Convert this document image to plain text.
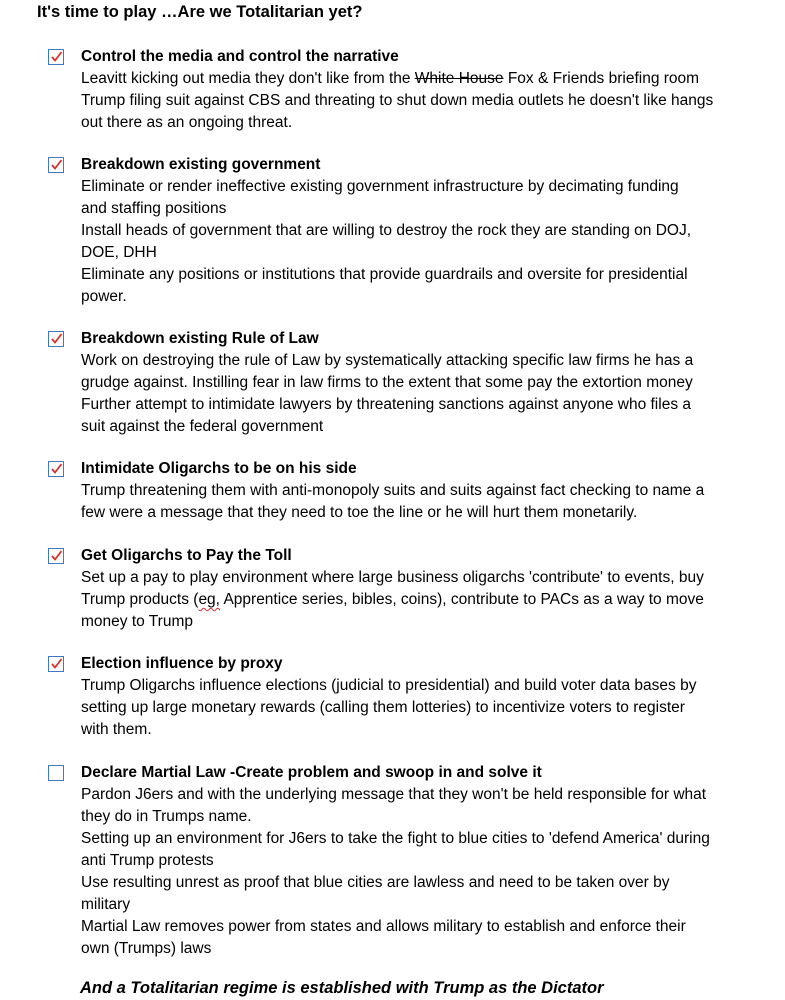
It's time to play …Are we Totalitarian yet?
Control the media and control the narrative
Leavitt kicking out media they don't like from the White House Fox & Friends briefing room
Trump filing suit against CBS and threating to shut down media outlets he doesn't like hangs
out there as an ongoing threat.
Breakdown existing government
Eliminate or render ineffective existing government infrastructure by decimating funding
and staffing positions
Install heads of government that are willing to destroy the rock they are standing on DOJ,
DOE, DHH
Eliminate any positions or institutions that provide guardrails and oversite for presidential
power.
Breakdown existing Rule of Law
Work on destroying the rule of Law by systematically attacking specific law firms he has a
grudge against. Instilling fear in law firms to the extent that some pay the extortion money
Further attempt to intimidate lawyers by threatening sanctions against anyone who files a
suit against the federal government
Intimidate Oligarchs to be on his side
Trump threatening them with anti-monopoly suits and suits against fact checking to name a
few were a message that they need to toe the line or he will hurt them monetarily.
Get Oligarchs to Pay the Toll
Set up a pay to play environment where large business oligarchs 'contribute' to events, buy
Trump products (eg, Apprentice series, bibles, coins), contribute to PACs as a way to move
money to Trump
Election influence by proxy
Trump Oligarchs influence elections (judicial to presidential) and build voter data bases by
setting up large monetary rewards (calling them lotteries) to incentivize voters to register
with them.
Declare Martial Law -Create problem and swoop in and solve it
Pardon J6ers and with the underlying message that they won't be held responsible for what
they do in Trumps name.
Setting up an environment for J6ers to take the fight to blue cities to 'defend America' during
anti Trump protests
Use resulting unrest as proof that blue cities are lawless and need to be taken over by
military
Martial Law removes power from states and allows military to establish and enforce their
own (Trumps) laws
And a Totalitarian regime is established with Trump as the Dictator
